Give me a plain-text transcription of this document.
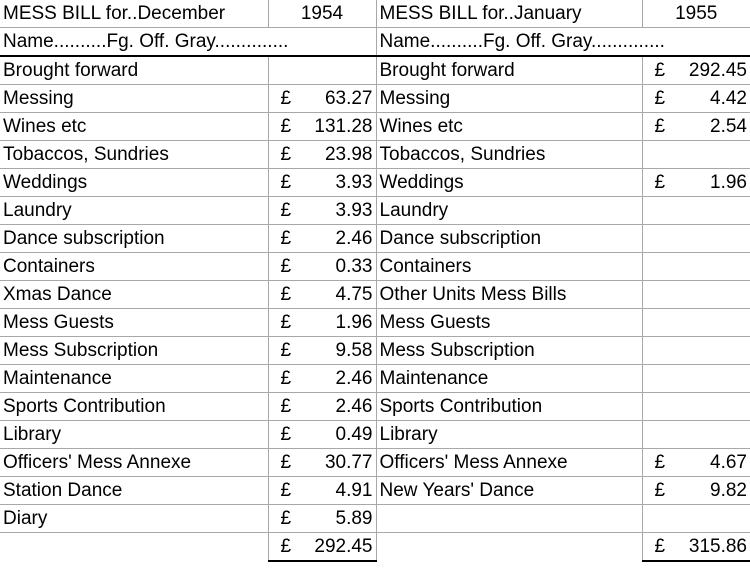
MESS BILL for..December	1954	MESS BILL for..January	1955
Name..........Fg. Off. Gray..............		Name..........Fg. Off. Gray..............	
Brought forward		Brought forward	£ 292.45

Messing	£ 63.27	Messing	£ 4.42

Wines etc	£ 131.28	Wines etc	£ 2.54

Tobaccos, Sundries	£ 23.98	Tobaccos, Sundries	

Weddings	£ 3.93	Weddings	£ 1.96

Laundry	£ 3.93	Laundry	

Dance subscription	£ 2.46	Dance subscription	

Containers	£ 0.33	Containers	

Xmas Dance	£ 4.75	Other Units Mess Bills	

Mess Guests	£ 1.96	Mess Guests	

Mess Subscription	£ 9.58	Mess Subscription	

Maintenance	£ 2.46	Maintenance	

Sports Contribution	£ 2.46	Sports Contribution	

Library	£ 0.49	Library	

Officers' Mess Annexe	£ 30.77	Officers' Mess Annexe	£ 4.67

Station Dance	£ 4.91	New Years' Dance	£ 9.82

Diary	£ 5.89		

	£ 292.45		£ 315.86
